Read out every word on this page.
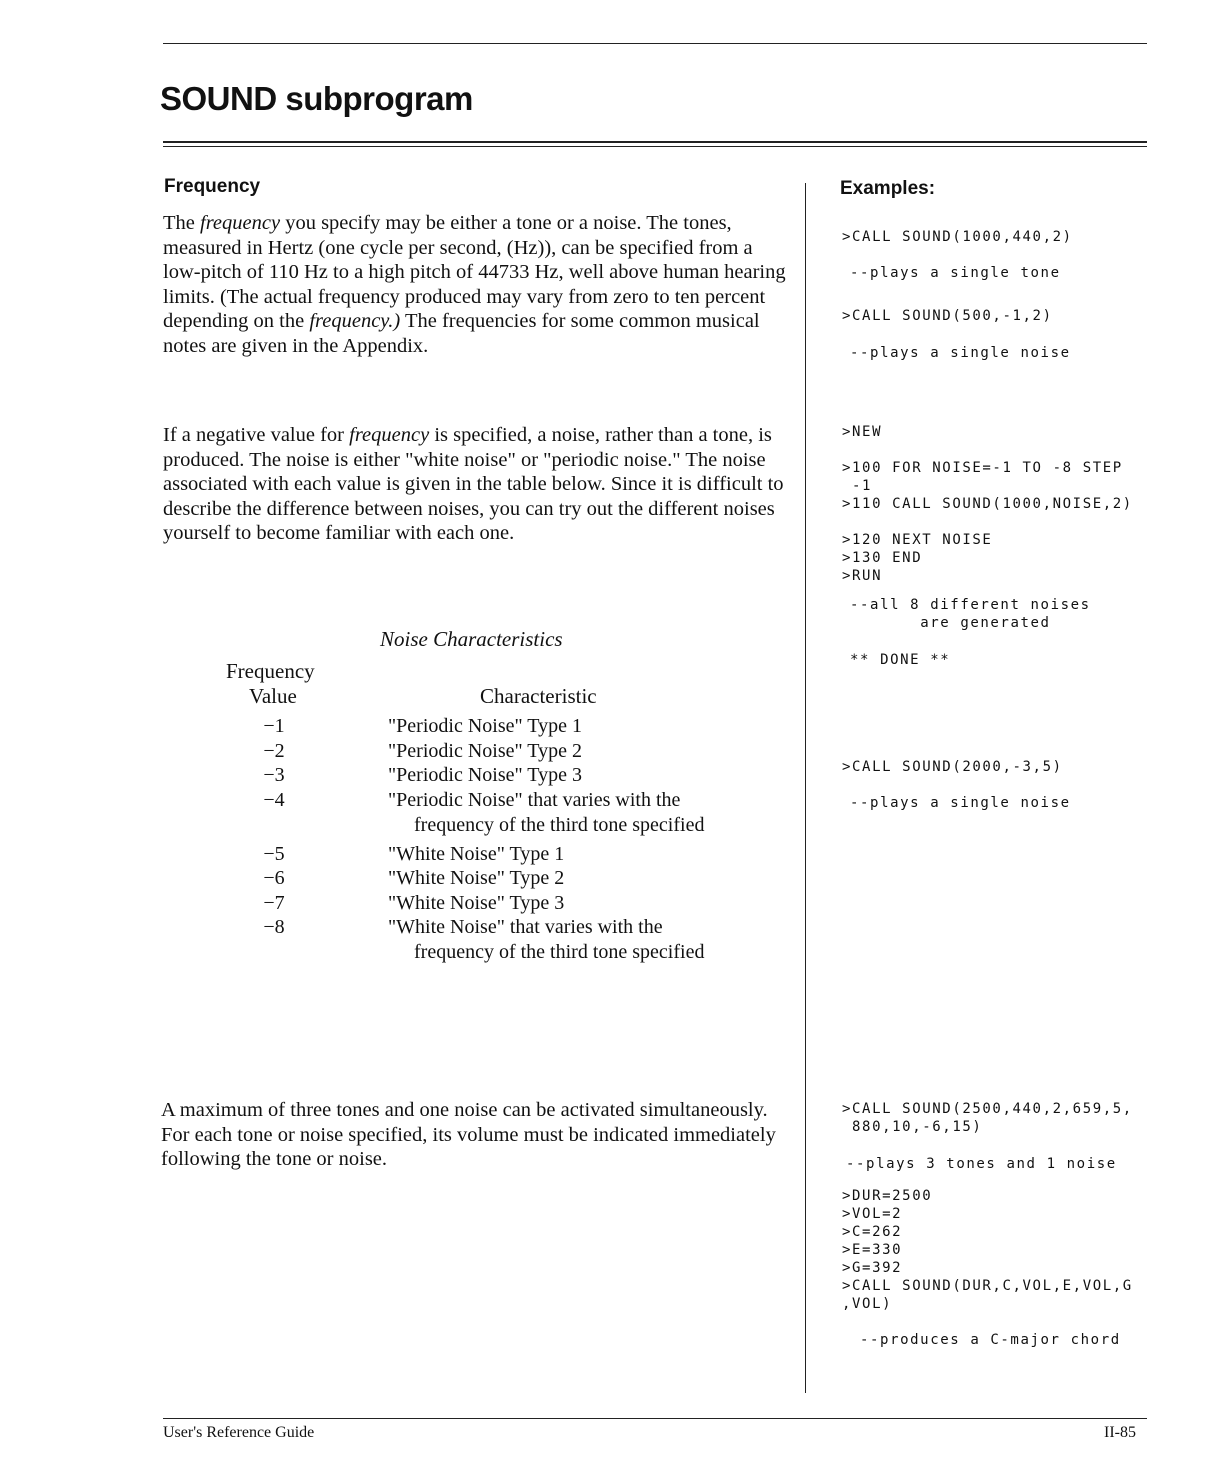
SOUND subprogram
Frequency
The frequency you specify may be either a tone or a noise. The tones, measured in Hertz (one cycle per second, (Hz)), can be specified from a low-pitch of 110 Hz to a high pitch of 44733 Hz, well above human hearing limits. (The actual frequency produced may vary from zero to ten percent depending on the frequency.) The frequencies for some common musical notes are given in the Appendix.
If a negative value for frequency is specified, a noise, rather than a tone, is produced. The noise is either "white noise" or "periodic noise." The noise associated with each value is given in the table below. Since it is difficult to describe the difference between noises, you can try out the different noises yourself to become familiar with each one.
Noise Characteristics
Frequency
Value	Characteristic
−1	"Periodic Noise" Type 1
−2	"Periodic Noise" Type 2
−3	"Periodic Noise" Type 3
−4	"Periodic Noise" that varies with the
frequency of the third tone specified
−5	"White Noise" Type 1
−6	"White Noise" Type 2
−7	"White Noise" Type 3
−8	"White Noise" that varies with the
frequency of the third tone specified
A maximum of three tones and one noise can be activated simultaneously. For each tone or noise specified, its volume must be indicated immediately following the tone or noise.
Examples:
>CALL SOUND(1000,440,2)
--plays a single tone
>CALL SOUND(500,-1,2)
--plays a single noise
>NEW

>100 FOR NOISE=-1 TO -8 STEP
-1
>110 CALL SOUND(1000,NOISE,2)

>120 NEXT NOISE
>130 END
>RUN
--all 8 different noises
are generated
** DONE **
>CALL SOUND(2000,-3,5)
--plays a single noise
>CALL SOUND(2500,440,2,659,5,
880,10,-6,15)
--plays 3 tones and 1 noise
>DUR=2500
>VOL=2
>C=262
>E=330
>G=392
>CALL SOUND(DUR,C,VOL,E,VOL,G
,VOL)
--produces a C-major chord
User's Reference Guide	II-85
